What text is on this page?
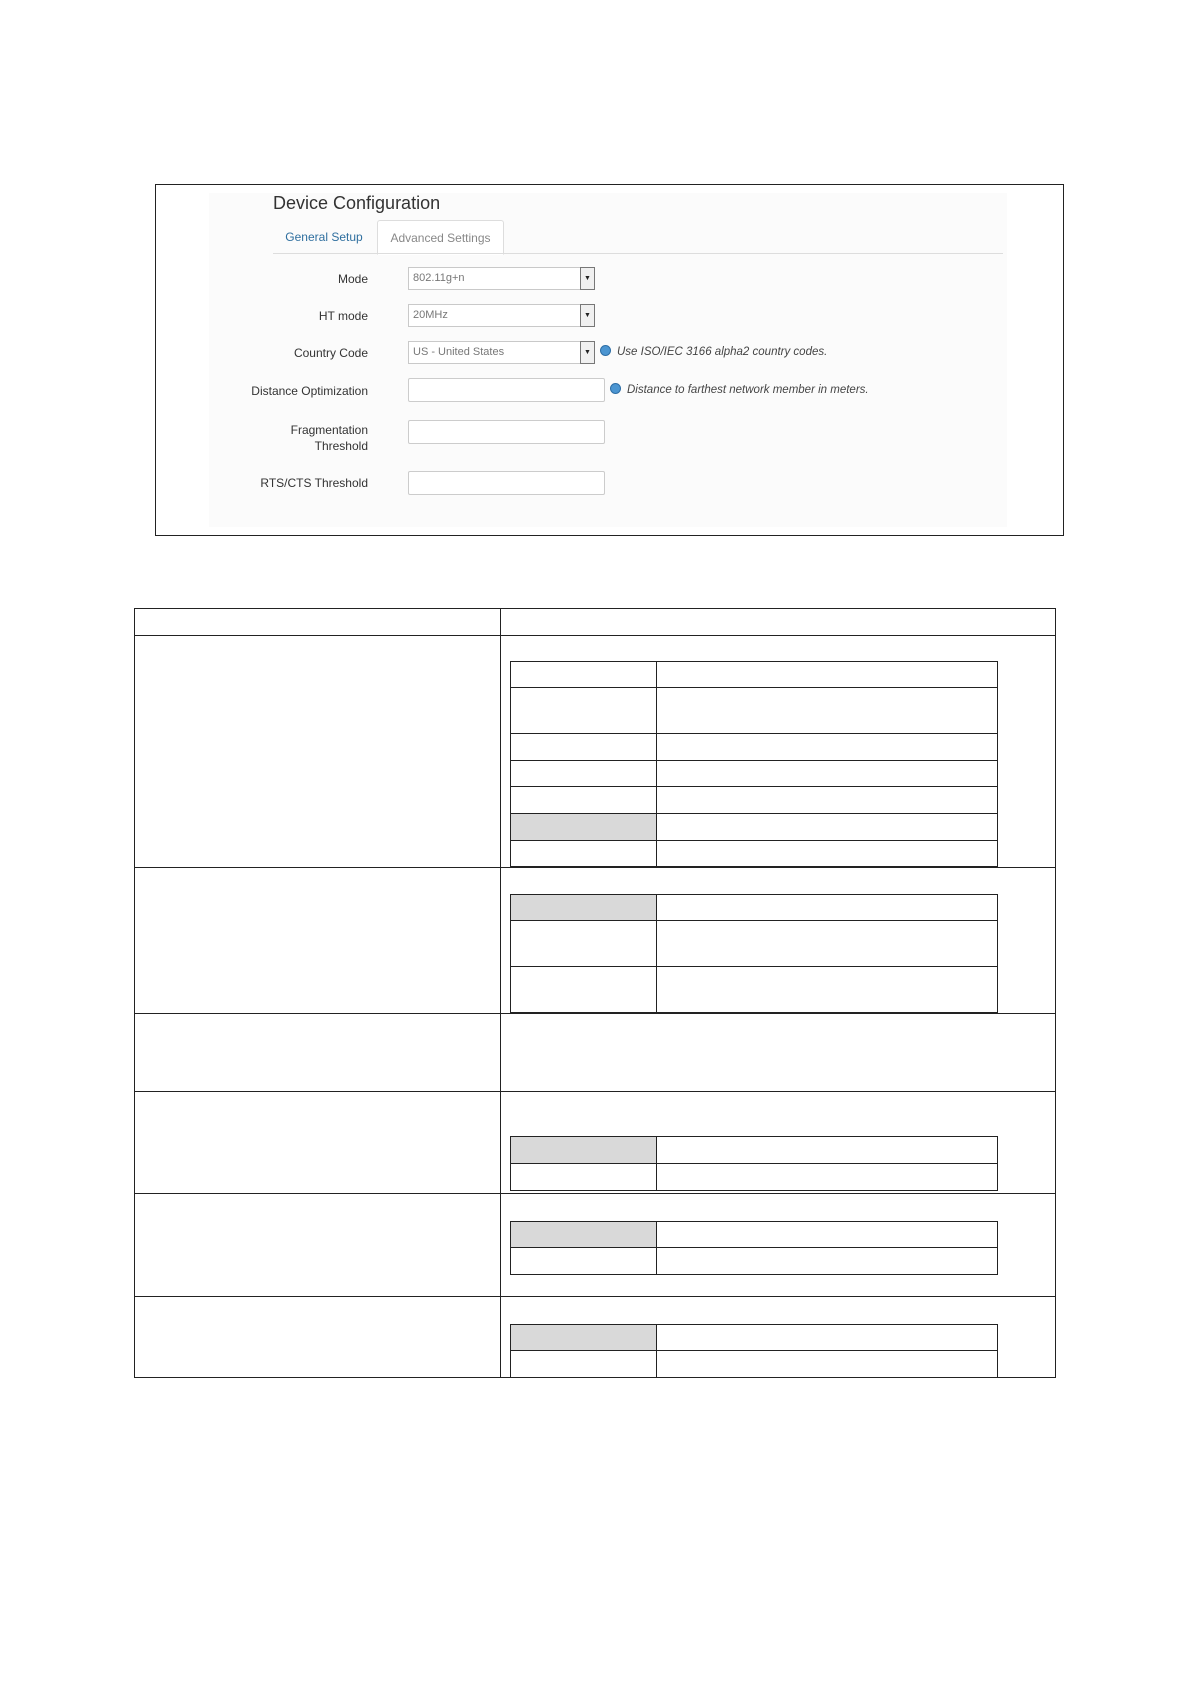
Device Configuration
General Setup	Advanced Settings
Mode	802.11g+n	▼
HT mode	20MHz	▼
Country Code	US - United States	▼	Use ISO/IEC 3166 alpha2 country codes.
Distance Optimization	Distance to farthest network member in meters.
Fragmentation
Threshold
RTS/CTS Threshold
